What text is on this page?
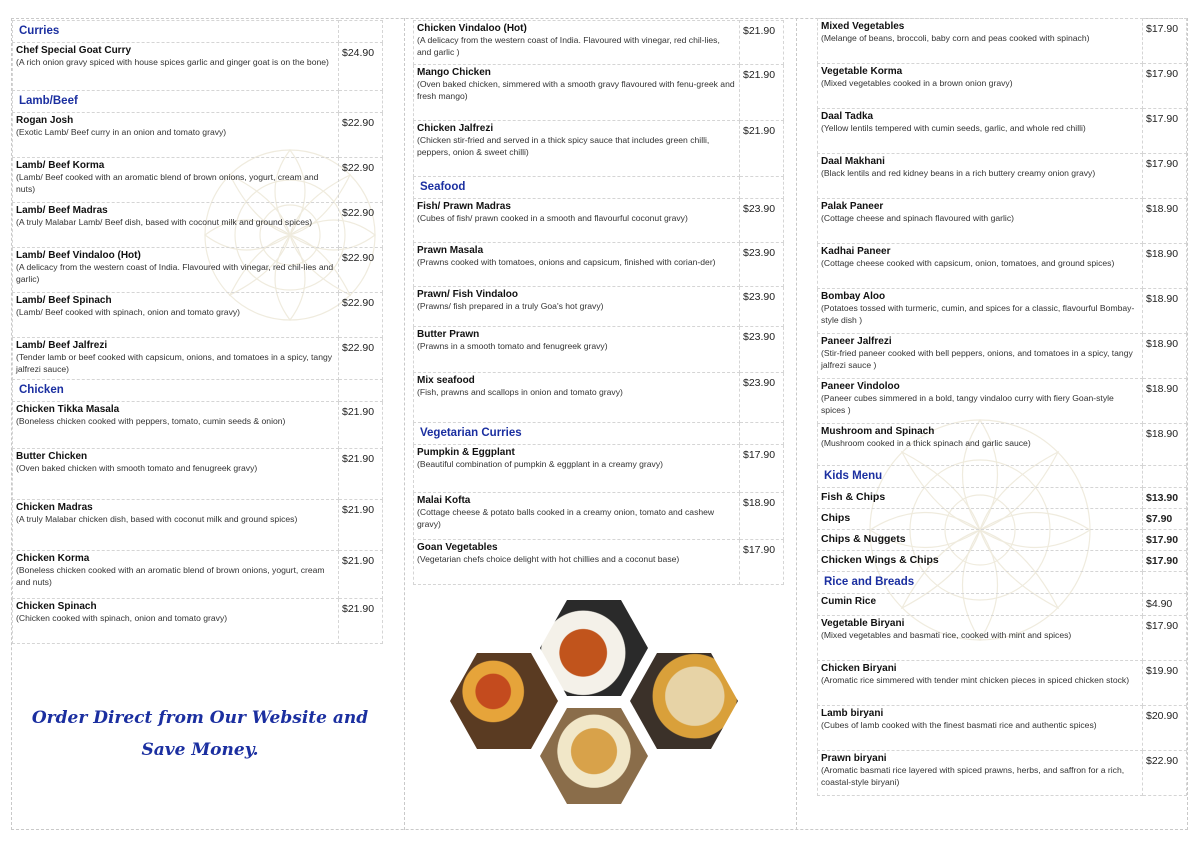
Curries	

Chef Special Goat Curry
(A rich onion gravy spiced with house spices garlic and ginger goat is on the bone)	$24.90
Lamb/Beef	

Rogan Josh
(Exotic Lamb/ Beef curry in an onion and tomato gravy)	$22.90

Lamb/ Beef Korma
(Lamb/ Beef cooked with an aromatic blend of brown onions, yogurt, cream and nuts)	$22.90

Lamb/ Beef Madras
(A truly Malabar Lamb/ Beef dish, based with coconut milk and ground spices)	$22.90

Lamb/ Beef Vindaloo (Hot)
(A delicacy from the western coast of India. Flavoured with vinegar, red chil-lies and garlic)	$22.90

Lamb/ Beef Spinach
(Lamb/ Beef cooked with spinach, onion and tomato gravy)	$22.90

Lamb/ Beef Jalfrezi
(Tender lamb or beef cooked with capsicum, onions, and tomatoes in a spicy, tangy jalfrezi sauce)	$22.90
Chicken	

Chicken Tikka Masala
(Boneless chicken cooked with peppers, tomato, cumin seeds & onion)	$21.90

Butter Chicken
(Oven baked chicken with smooth tomato and fenugreek gravy)	$21.90

Chicken Madras
(A truly Malabar chicken dish, based with coconut milk and ground spices)	$21.90

Chicken Korma
(Boneless chicken cooked with an aromatic blend of brown onions, yogurt, cream and nuts)	$21.90

Chicken Spinach
(Chicken cooked with spinach, onion and tomato gravy)	$21.90
Chicken Vindaloo (Hot)
(A delicacy from the western coast of India. Flavoured with vinegar, red chil-lies, and garlic )	$21.90

Mango Chicken
(Oven baked chicken, simmered with a smooth gravy flavoured with fenu-greek and fresh mango)	$21.90

Chicken Jalfrezi
(Chicken stir-fried and served in a thick spicy sauce that includes green chilli, peppers, onion & sweet chilli)	$21.90
Seafood	

Fish/ Prawn Madras
(Cubes of fish/ prawn cooked in a smooth and flavourful coconut gravy)	$23.90

Prawn Masala
(Prawns cooked with tomatoes, onions and capsicum, finished with corian-der)	$23.90

Prawn/ Fish Vindaloo
(Prawns/ fish prepared in a truly Goa's hot gravy)	$23.90

Butter Prawn
(Prawns in a smooth tomato and fenugreek gravy)	$23.90

Mix seafood
(Fish, prawns and scallops in onion and tomato gravy)	$23.90
Vegetarian Curries	

Pumpkin & Eggplant
(Beautiful combination of pumpkin & eggplant in a creamy gravy)	$17.90

Malai Kofta
(Cottage cheese & potato balls cooked in a creamy onion, tomato and cashew gravy)	$18.90

Goan Vegetables
(Vegetarian chefs choice delight with hot chillies and a coconut base)	$17.90
Mixed Vegetables
(Melange of beans, broccoli, baby corn and peas cooked with spinach)	$17.90

Vegetable Korma
(Mixed vegetables cooked in a brown onion gravy)	$17.90

Daal Tadka
(Yellow lentils tempered with cumin seeds, garlic, and whole red chilli)	$17.90

Daal Makhani
(Black lentils and red kidney beans in a rich buttery creamy onion gravy)	$17.90

Palak Paneer
(Cottage cheese and spinach flavoured with garlic)	$18.90

Kadhai Paneer
(Cottage cheese cooked with capsicum, onion, tomatoes, and ground spices)	$18.90

Bombay Aloo
(Potatoes tossed with turmeric, cumin, and spices for a classic, flavourful Bombay-style dish )	$18.90

Paneer Jalfrezi
(Stir-fried paneer cooked with bell peppers, onions, and tomatoes in a spicy, tangy jalfrezi sauce )	$18.90

Paneer Vindoloo
(Paneer cubes simmered in a bold, tangy vindaloo curry with fiery Goan-style spices )	$18.90

Mushroom and Spinach
(Mushroom cooked in a thick spinach and garlic sauce)	$18.90
Kids Menu	

Fish & Chips	$13.90

Chips	$7.90

Chips & Nuggets	$17.90

Chicken Wings & Chips	$17.90
Rice and Breads	

Cumin Rice	$4.90

Vegetable Biryani
(Mixed vegetables and basmati rice, cooked with mint and spices)	$17.90

Chicken Biryani
(Aromatic rice simmered with tender mint chicken pieces in spiced chicken stock)	$19.90

Lamb biryani
(Cubes of lamb cooked with the finest basmati rice and authentic spices)	$20.90

Prawn biryani
(Aromatic basmati rice layered with spiced prawns, herbs, and saffron for a rich, coastal-style biryani)	$22.90
Order Direct from Our Website and Save Money.
